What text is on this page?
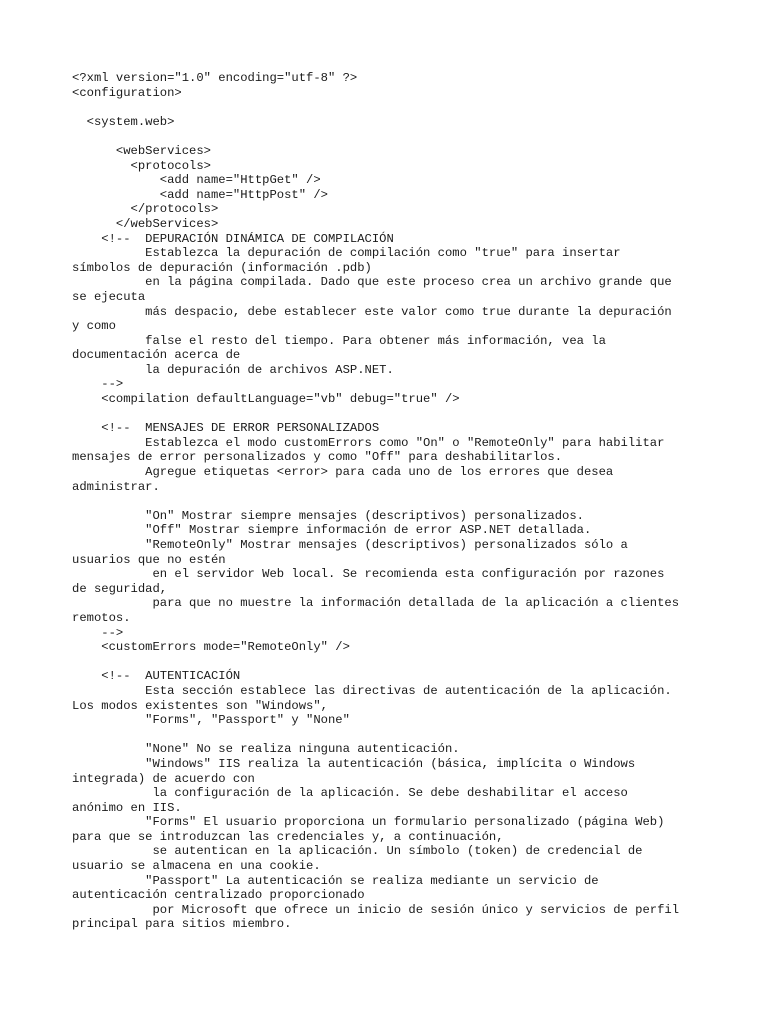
<?xml version="1.0" encoding="utf-8" ?>
<configuration>
<system.web>
<webServices>
<protocols>
<add name="HttpGet" />
<add name="HttpPost" />
</protocols>
</webServices>
<!--  DEPURACIÓN DINÁMICA DE COMPILACIÓN
Establezca la depuración de compilación como "true" para insertar
símbolos de depuración (información .pdb)
en la página compilada. Dado que este proceso crea un archivo grande que
se ejecuta
más despacio, debe establecer este valor como true durante la depuración
y como
false el resto del tiempo. Para obtener más información, vea la
documentación acerca de
la depuración de archivos ASP.NET.
-->
<compilation defaultLanguage="vb" debug="true" />
<!--  MENSAJES DE ERROR PERSONALIZADOS
Establezca el modo customErrors como "On" o "RemoteOnly" para habilitar
mensajes de error personalizados y como "Off" para deshabilitarlos.
Agregue etiquetas <error> para cada uno de los errores que desea
administrar.
"On" Mostrar siempre mensajes (descriptivos) personalizados.
"Off" Mostrar siempre información de error ASP.NET detallada.
"RemoteOnly" Mostrar mensajes (descriptivos) personalizados sólo a
usuarios que no estén
en el servidor Web local. Se recomienda esta configuración por razones
de seguridad,
para que no muestre la información detallada de la aplicación a clientes
remotos.
-->
<customErrors mode="RemoteOnly" />
<!--  AUTENTICACIÓN
Esta sección establece las directivas de autenticación de la aplicación.
Los modos existentes son "Windows",
"Forms", "Passport" y "None"
"None" No se realiza ninguna autenticación.
"Windows" IIS realiza la autenticación (básica, implícita o Windows
integrada) de acuerdo con
la configuración de la aplicación. Se debe deshabilitar el acceso
anónimo en IIS.
"Forms" El usuario proporciona un formulario personalizado (página Web)
para que se introduzcan las credenciales y, a continuación,
se autentican en la aplicación. Un símbolo (token) de credencial de
usuario se almacena en una cookie.
"Passport" La autenticación se realiza mediante un servicio de
autenticación centralizado proporcionado
por Microsoft que ofrece un inicio de sesión único y servicios de perfil
principal para sitios miembro.
